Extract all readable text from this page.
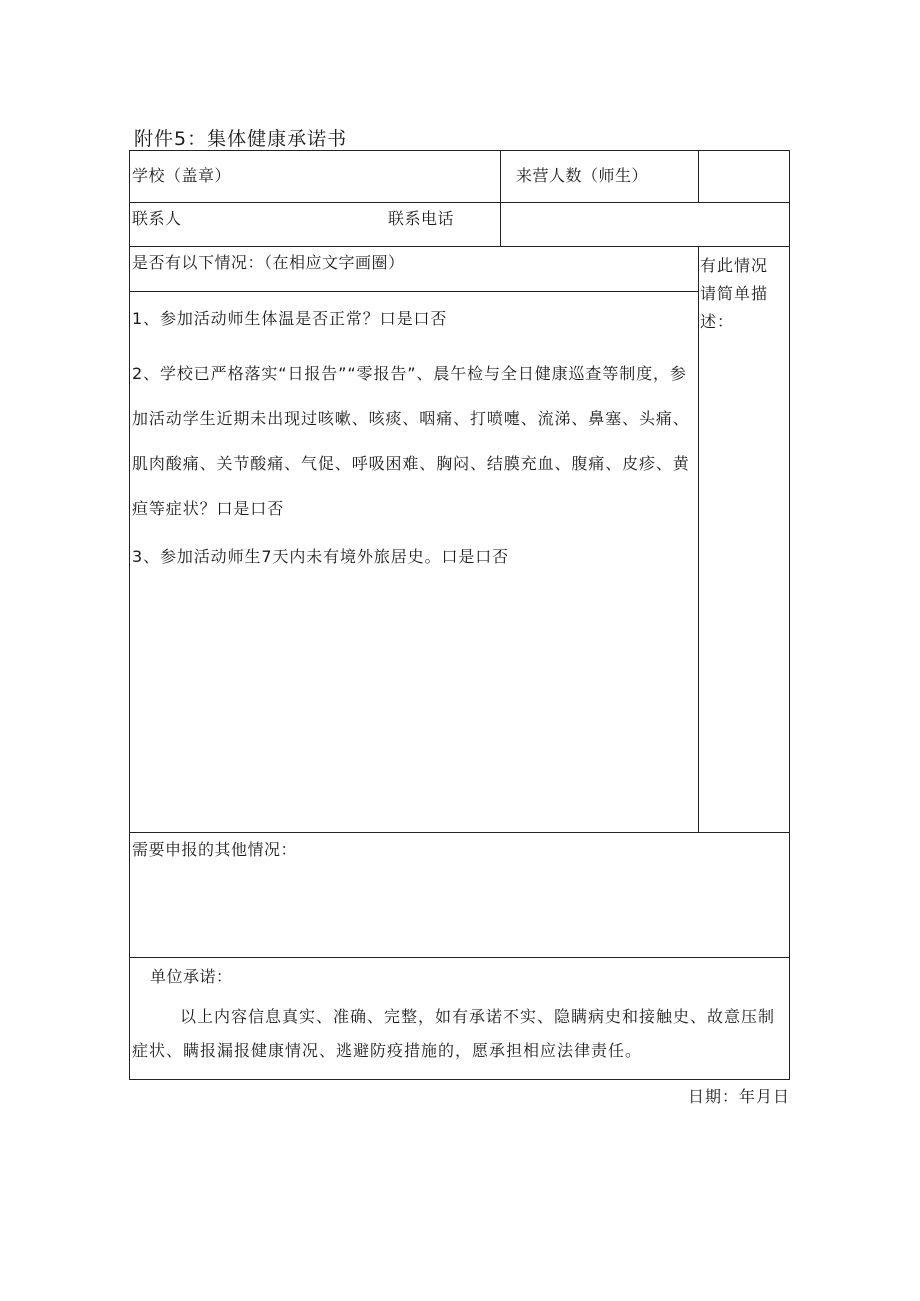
附件5：集体健康承诺书
学校（盖章）	来营人数（师生）
联系人	联系电话
是否有以下情况：（在相应文字画圈）	有此情况请简单描述：
1、参加活动师生体温是否正常？口是口否
2、学校已严格落实“日报告”“零报告”、晨午检与全日健康巡查等制度，参加活动学生近期未出现过咳嗽、咳痰、咽痛、打喷嚏、流涕、鼻塞、头痛、肌肉酸痛、关节酸痛、气促、呼吸困难、胸闷、结膜充血、腹痛、皮疹、黄疸等症状？口是口否
3、参加活动师生7天内未有境外旅居史。口是口否
需要申报的其他情况：
单位承诺：
以上内容信息真实、准确、完整，如有承诺不实、隐瞒病史和接触史、故意压制症状、瞒报漏报健康情况、逃避防疫措施的，愿承担相应法律责任。
日期：年月日
